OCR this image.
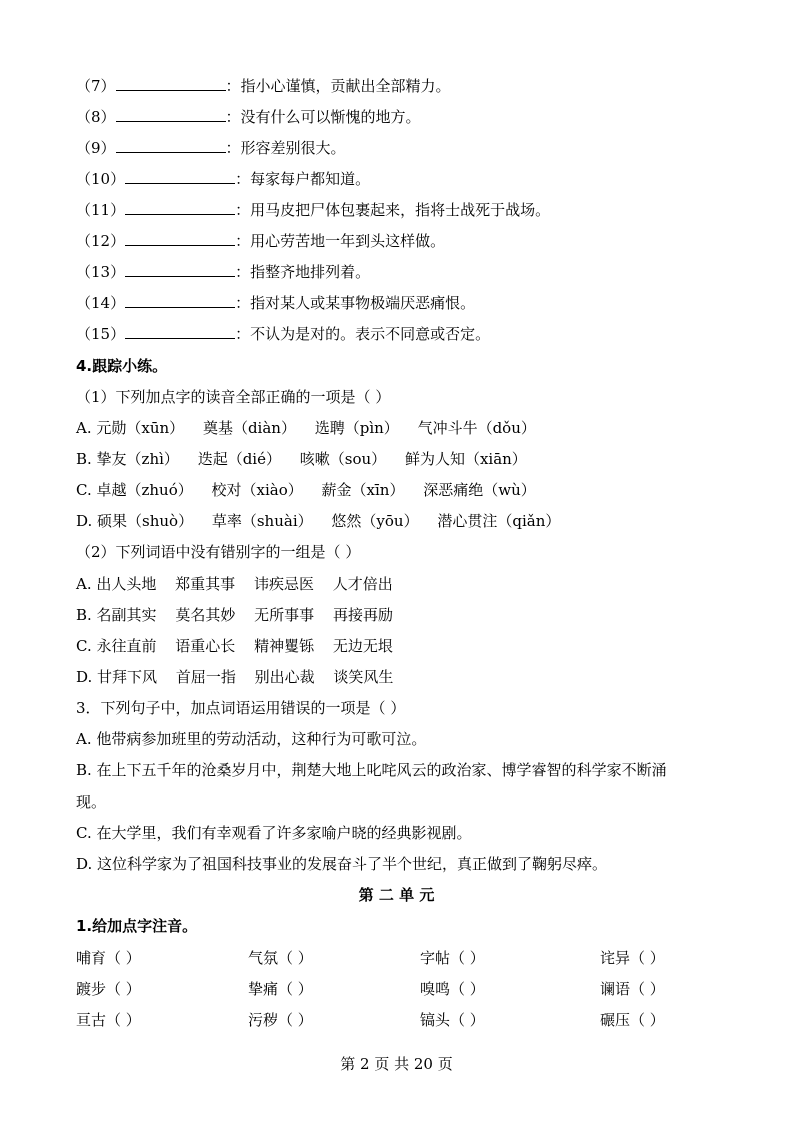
（7）	：指小心谨慎，贡献出全部精力。
（8）	：没有什么可以惭愧的地方。
（9）	：形容差别很大。
（10）	：每家每户都知道。
（11）	：用马皮把尸体包裹起来，指将士战死于战场。
（12）	：用心劳苦地一年到头这样做。
（13）	：指整齐地排列着。
（14）	：指对某人或某事物极端厌恶痛恨。
（15）	：不认为是对的。表示不同意或否定。
4.跟踪小练。
（1）下列加点字的读音全部正确的一项是（ ）
A. 元勋（xūn） 奠基（diàn） 选聘（pìn） 气冲斗牛（dǒu）
B. 挚友（zhì） 迭起（dié） 咳嗽（sou） 鲜为人知（xiān）
C. 卓越（zhuó） 校对（xiào） 薪金（xīn） 深恶痛绝（wù）
D. 硕果（shuò） 草率（shuài） 悠然（yōu） 潜心贯注（qiǎn）
（2）下列词语中没有错别字的一组是（ ）
A. 出人头地 郑重其事 讳疾忌医 人才倍出
B. 名副其实 莫名其妙 无所事事 再接再励
C. 永往直前 语重心长 精神矍铄 无边无垠
D. 甘拜下风 首屈一指 别出心裁 谈笑风生
3．下列句子中，加点词语运用错误的一项是（ ）
A. 他带病参加班里的劳动活动，这种行为可歌可泣。
B. 在上下五千年的沧桑岁月中，荆楚大地上叱咤风云的政治家、博学睿智的科学家不断涌
现。
C. 在大学里，我们有幸观看了许多家喻户晓的经典影视剧。
D. 这位科学家为了祖国科技事业的发展奋斗了半个世纪，真正做到了鞠躬尽瘁。
第 二 单 元
1.给加点字注音。
哺育（ ）	气氛（ ）	字帖（ ）	诧异（ ）
踱步（ ）	挚痛（ ）	嗅鸣（ ）	谰语（ ）
亘古（ ）	污秽（ ）	镐头（ ）	碾压（ ）
第 2 页 共 20 页
